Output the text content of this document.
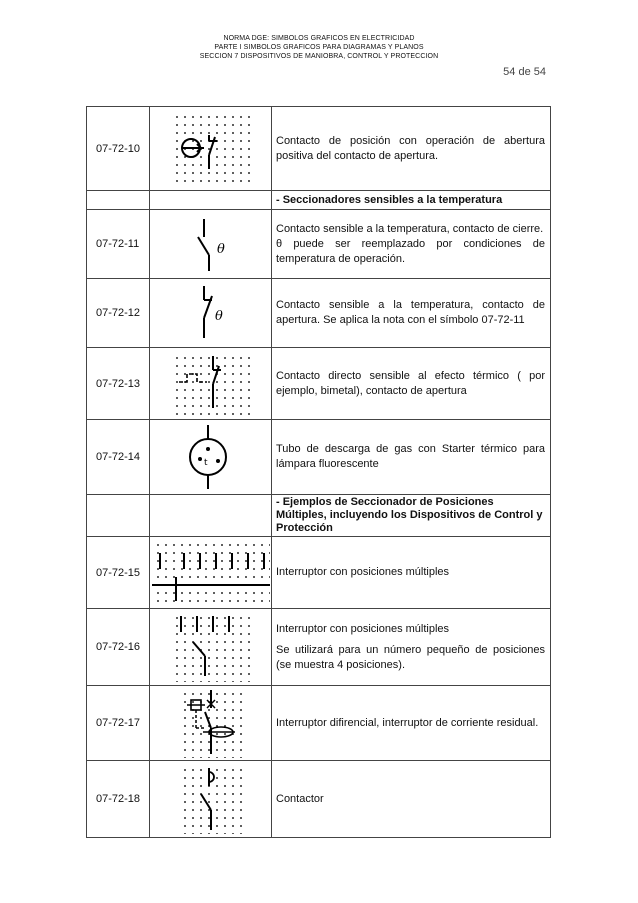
NORMA DGE: SIMBOLOS GRAFICOS EN ELECTRICIDAD
PARTE I SIMBOLOS GRAFICOS PARA DIAGRAMAS Y PLANOS
SECCION 7 DISPOSITIVOS DE MANIOBRA, CONTROL Y PROTECCION
54 de 54
07-72-10		Contacto de posición con operación de abertura positiva del contacto de apertura.
		- Seccionadores sensibles a la temperatura
07-72-11	θ	Contacto sensible a la temperatura, contacto de cierre.

θ puede ser reemplazado por condiciones de temperatura de operación.

07-72-12	θ	Contacto sensible a la temperatura, contacto de apertura. Se aplica la nota con el símbolo 07-72-11
07-72-13		Contacto directo sensible al efecto térmico ( por ejemplo, bimetal), contacto de apertura
07-72-14	t	Tubo de descarga de gas con Starter térmico para lámpara fluorescente
		- Ejemplos de Seccionador de Posiciones Múltiples, incluyendo los Dispositivos de Control y Protección
07-72-15		Interruptor con posiciones múltiples
07-72-16		Interruptor con posiciones múltiples

Se utilizará para un número pequeño de posiciones (se muestra 4 posiciones).

07-72-17		Interruptor difirencial, interruptor de corriente residual.
07-72-18		Contactor
